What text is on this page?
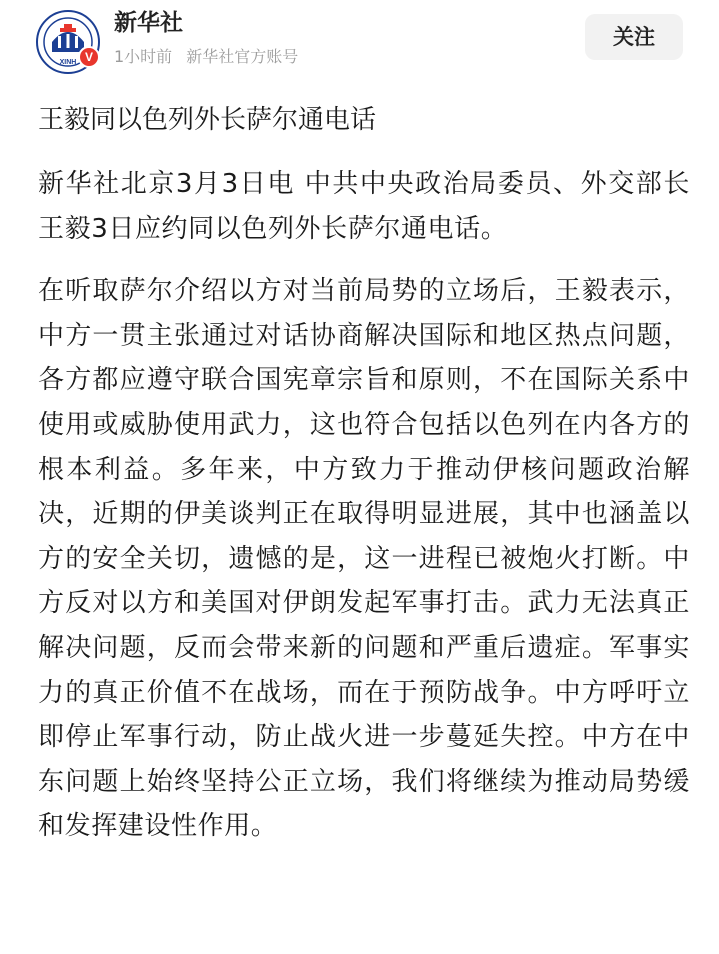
XINH V
新华社
1小时前 新华社官方账号
关注
王毅同以色列外长萨尔通电话

新华社北京3月3日电 中共中央政治局委员、外交部长王毅3日应约同以色列外长萨尔通电话。

在听取萨尔介绍以方对当前局势的立场后，王毅表示，中方一贯主张通过对话协商解决国际和地区热点问题，各方都应遵守联合国宪章宗旨和原则，不在国际关系中使用或威胁使用武力，这也符合包括以色列在内各方的根本利益。多年来，中方致力于推动伊核问题政治解决，近期的伊美谈判正在取得明显进展，其中也涵盖以方的安全关切，遗憾的是，这一进程已被炮火打断。中方反对以方和美国对伊朗发起军事打击。武力无法真正解决问题，反而会带来新的问题和严重后遗症。军事实力的真正价值不在战场，而在于预防战争。中方呼吁立即停止军事行动，防止战火进一步蔓延失控。中方在中东问题上始终坚持公正立场，我们将继续为推动局势缓和发挥建设性作用。
